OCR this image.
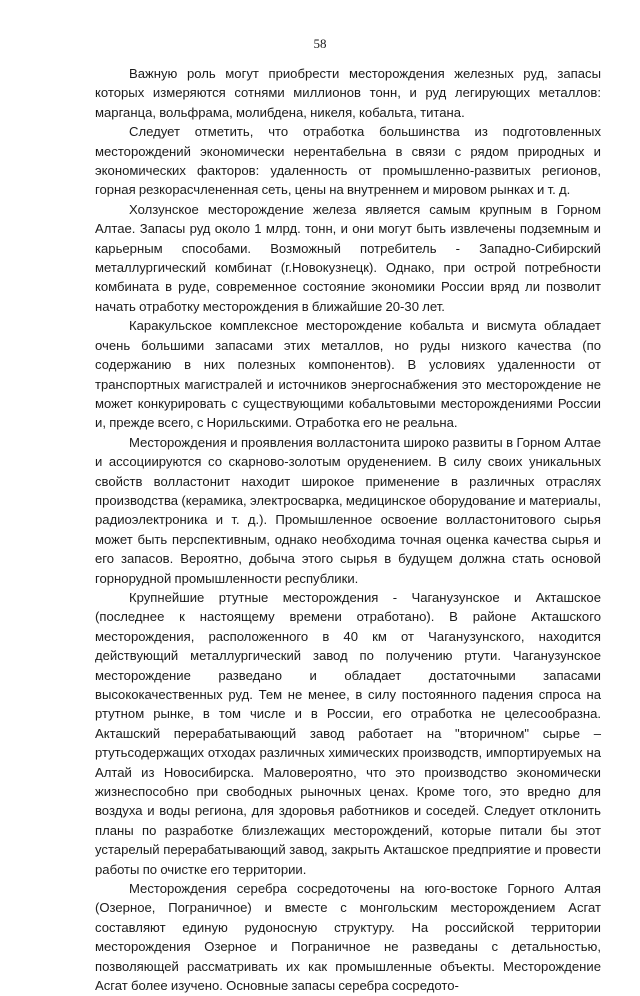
58

Важную роль могут приобрести месторождения железных руд, запасы которых измеряются сотнями миллионов тонн, и руд легирующих металлов: марганца, вольфрама, молибдена, никеля, кобальта, титана.

Следует отметить, что отработка большинства из подготовленных месторождений экономически нерентабельна в связи с рядом природных и экономических факторов: удаленность от промышленно-развитых регионов, горная резкорасчлененная сеть, цены на внутреннем и мировом рынках и т. д.

Холзунское месторождение железа является самым крупным в Горном Алтае. Запасы руд около 1 млрд. тонн, и они могут быть извлечены подземным и карьерным способами. Возможный потребитель - Западно-Сибирский металлургический комбинат (г.Новокузнецк). Однако, при острой потребности комбината в руде, современное состояние экономики России вряд ли позволит начать отработку месторождения в ближайшие 20-30 лет.

Каракульское комплексное месторождение кобальта и висмута обладает очень большими запасами этих металлов, но руды низкого качества (по содержанию в них полезных компонентов). В условиях удаленности от транспортных магистралей и источников энергоснабжения это месторождение не может конкурировать с существующими кобальтовыми месторождениями России и, прежде всего, с Норильскими. Отработка его не реальна.

Месторождения и проявления волластонита широко развиты в Горном Алтае и ассоциируются со скарново-золотым оруденением. В силу своих уникальных свойств волластонит находит широкое применение в различных отраслях производства (керамика, электросварка, медицинское оборудование и материалы, радиоэлектроника и т. д.). Промышленное освоение волластонитового сырья может быть перспективным, однако необходима точная оценка качества сырья и его запасов. Вероятно, добыча этого сырья в будущем должна стать основой горнорудной промышленности республики.

Крупнейшие ртутные месторождения - Чаганузунское и Акташское (последнее к настоящему времени отработано). В районе Акташского месторождения, расположенного в 40 км от Чаганузунского, находится действующий металлургический завод по получению ртути. Чаганузунское месторождение разведано и обладает достаточными запасами высококачественных руд. Тем не менее, в силу постоянного падения спроса на ртутном рынке, в том числе и в России, его отработка не целесообразна. Акташский перерабатывающий завод работает на "вторичном" сырье – ртутьсодержащих отходах различных химических производств, импортируемых на Алтай из Новосибирска. Маловероятно, что это производство экономически жизнеспособно при свободных рыночных ценах. Кроме того, это вредно для воздуха и воды региона, для здоровья работников и соседей. Следует отклонить планы по разработке близлежащих месторождений, которые питали бы этот устарелый перерабатывающий завод, закрыть Акташское предприятие и провести работы по очистке его территории.

Месторождения серебра сосредоточены на юго-востоке Горного Алтая (Озерное, Пограничное) и вместе с монгольским месторождением Асгат составляют единую рудоносную структуру. На российской территории месторождения Озерное и Пограничное не разведаны с детальностью, позволяющей рассматривать их как промышленные объекты. Месторождение Асгат более изучено. Основные запасы серебра сосредото-
